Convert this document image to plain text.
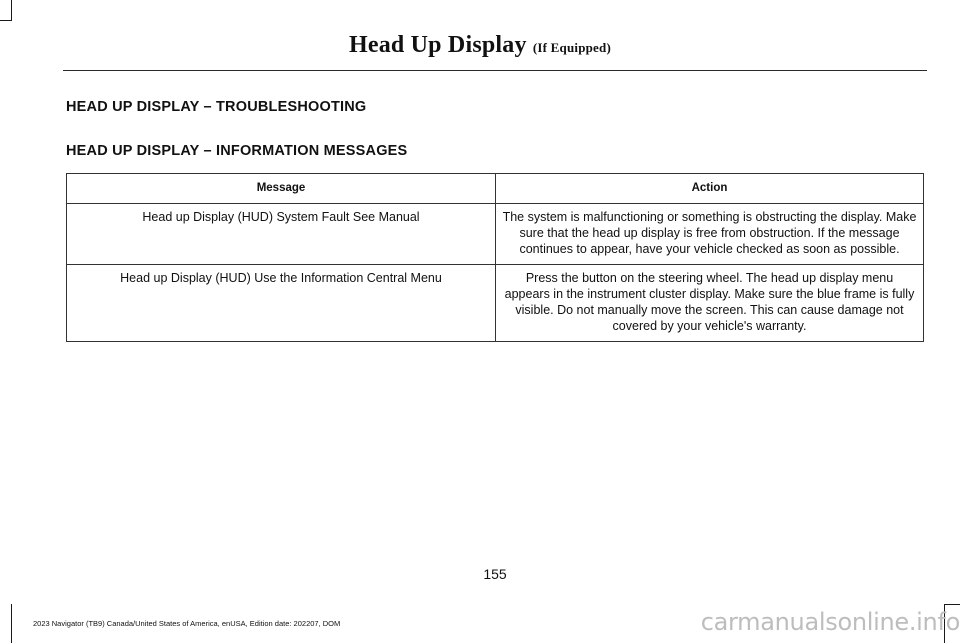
Head Up Display (If Equipped)
HEAD UP DISPLAY – TROUBLESHOOTING
HEAD UP DISPLAY – INFORMATION MESSAGES
Message	Action
Head up Display (HUD) System Fault See Manual	The system is malfunctioning or something is obstructing the display. Make sure that the head up display is free from obstruction. If the message continues to appear, have your vehicle checked as soon as possible.
Head up Display (HUD) Use the Information Central Menu	Press the button on the steering wheel. The head up display menu appears in the instrument cluster display. Make sure the blue frame is fully visible. Do not manually move the screen. This can cause damage not covered by your vehicle's warranty.
155
2023 Navigator (TB9) Canada/United States of America, enUSA, Edition date: 202207, DOM	carmanualsonline.info
